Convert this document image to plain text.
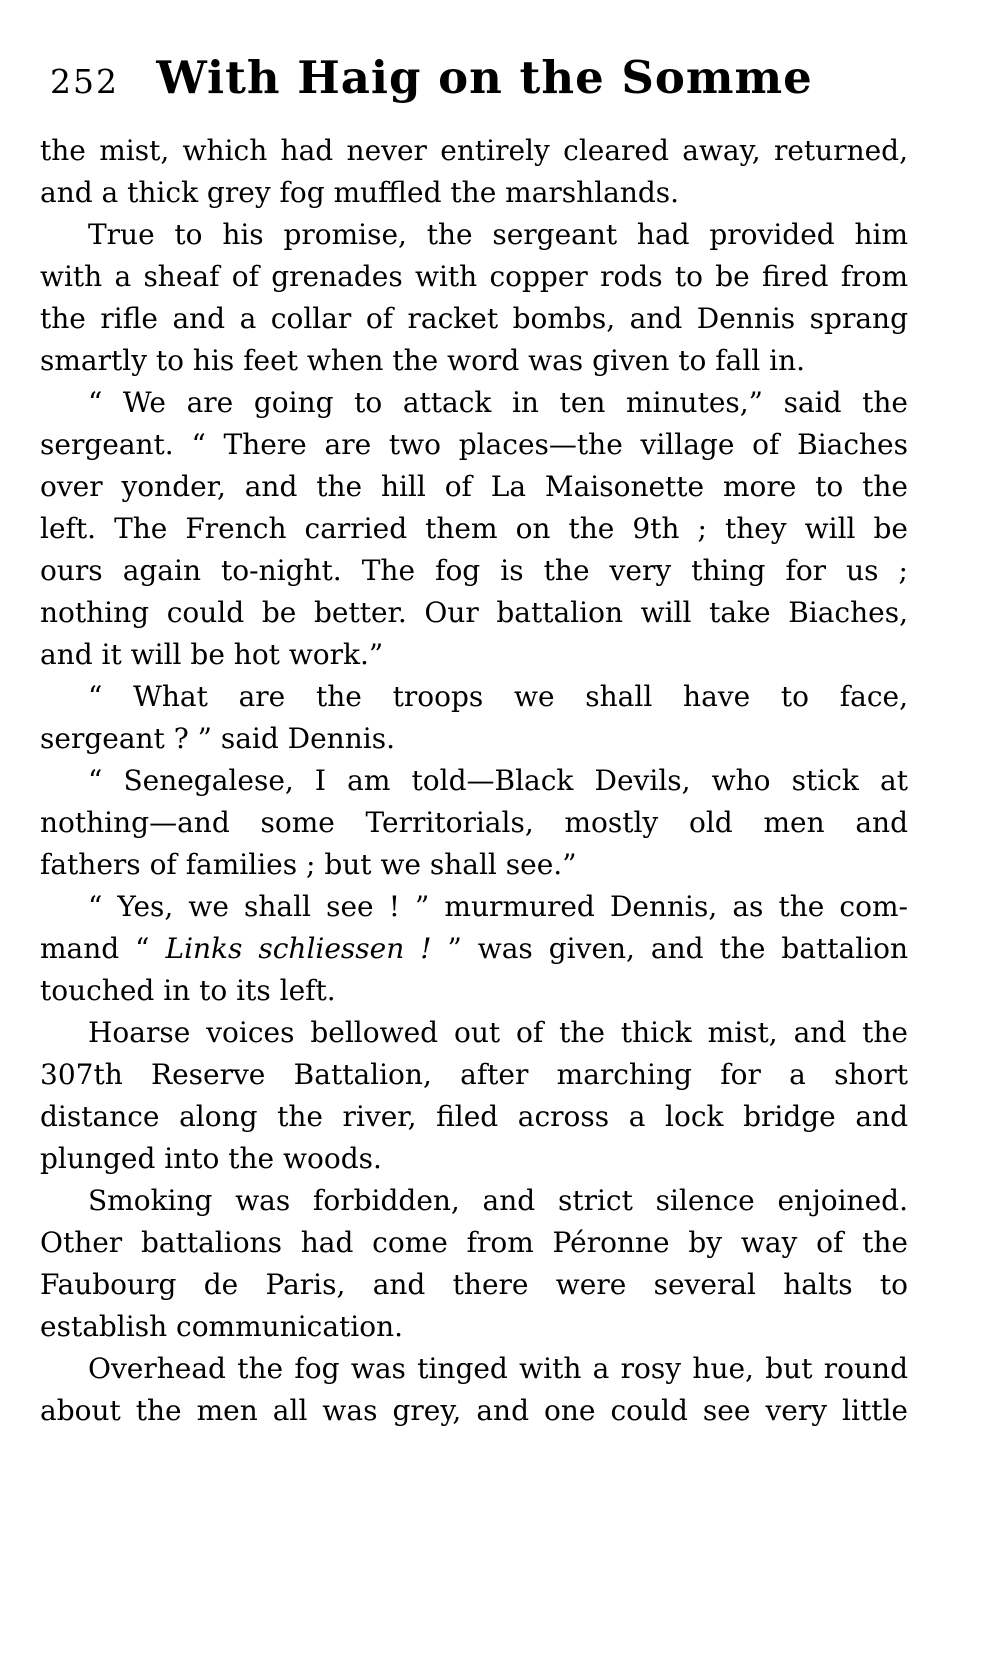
252 With Haig on the Somme
the mist, which had never entirely cleared away, returned,
and a thick grey fog muffled the marshlands.
True to his promise, the sergeant had provided him
with a sheaf of grenades with copper rods to be fired from
the rifle and a collar of racket bombs, and Dennis sprang
smartly to his feet when the word was given to fall in.
“ We are going to attack in ten minutes,” said the
sergeant. “ There are two places—the village of Biaches
over yonder, and the hill of La Maisonette more to the
left. The French carried them on the 9th ; they will be
ours again to-night. The fog is the very thing for us ;
nothing could be better. Our battalion will take Biaches,
and it will be hot work.”
“ What are the troops we shall have to face,
sergeant ? ” said Dennis.
“ Senegalese, I am told—Black Devils, who stick at
nothing—and some Territorials, mostly old men and
fathers of families ; but we shall see.”
“ Yes, we shall see ! ” murmured Dennis, as the com-
mand “ Links schliessen ! ” was given, and the battalion
touched in to its left.
Hoarse voices bellowed out of the thick mist, and the
307th Reserve Battalion, after marching for a short
distance along the river, filed across a lock bridge and
plunged into the woods.
Smoking was forbidden, and strict silence enjoined.
Other battalions had come from Péronne by way of the
Faubourg de Paris, and there were several halts to
establish communication.
Overhead the fog was tinged with a rosy hue, but round
about the men all was grey, and one could see very little
